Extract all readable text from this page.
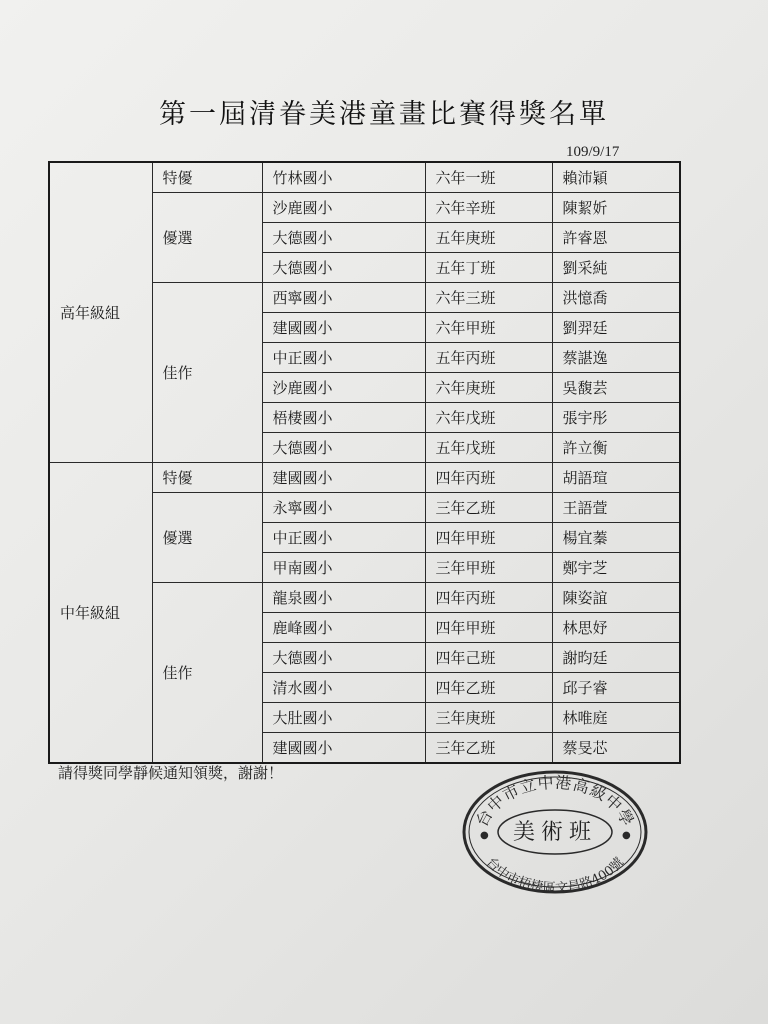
第一屆清眷美港童畫比賽得獎名單
109/9/17
高年級組	特優	竹林國小	六年一班	賴沛穎
	優選	沙鹿國小	六年辛班	陳絜妡
		大德國小	五年庚班	許睿恩
		大德國小	五年丁班	劉采純
	佳作	西寧國小	六年三班	洪憶喬
		建國國小	六年甲班	劉羿廷
		中正國小	五年丙班	蔡諶逸
		沙鹿國小	六年庚班	吳馥芸
		梧棲國小	六年戊班	張宇彤
		大德國小	五年戊班	許立衡
中年級組	特優	建國國小	四年丙班	胡語瑄
	優選	永寧國小	三年乙班	王語萱
		中正國小	四年甲班	楊宜蓁
		甲南國小	三年甲班	鄭宇芝
	佳作	龍泉國小	四年丙班	陳姿誼
		鹿峰國小	四年甲班	林思妤
		大德國小	四年己班	謝昀廷
		清水國小	四年乙班	邱子睿
		大肚國小	三年庚班	林唯庭
		建國國小	三年乙班	蔡旻芯
請得獎同學靜候通知領獎，謝謝！
台中市立中港高級中學
台中市梧棲區文昌路400號
美術班
●	●
